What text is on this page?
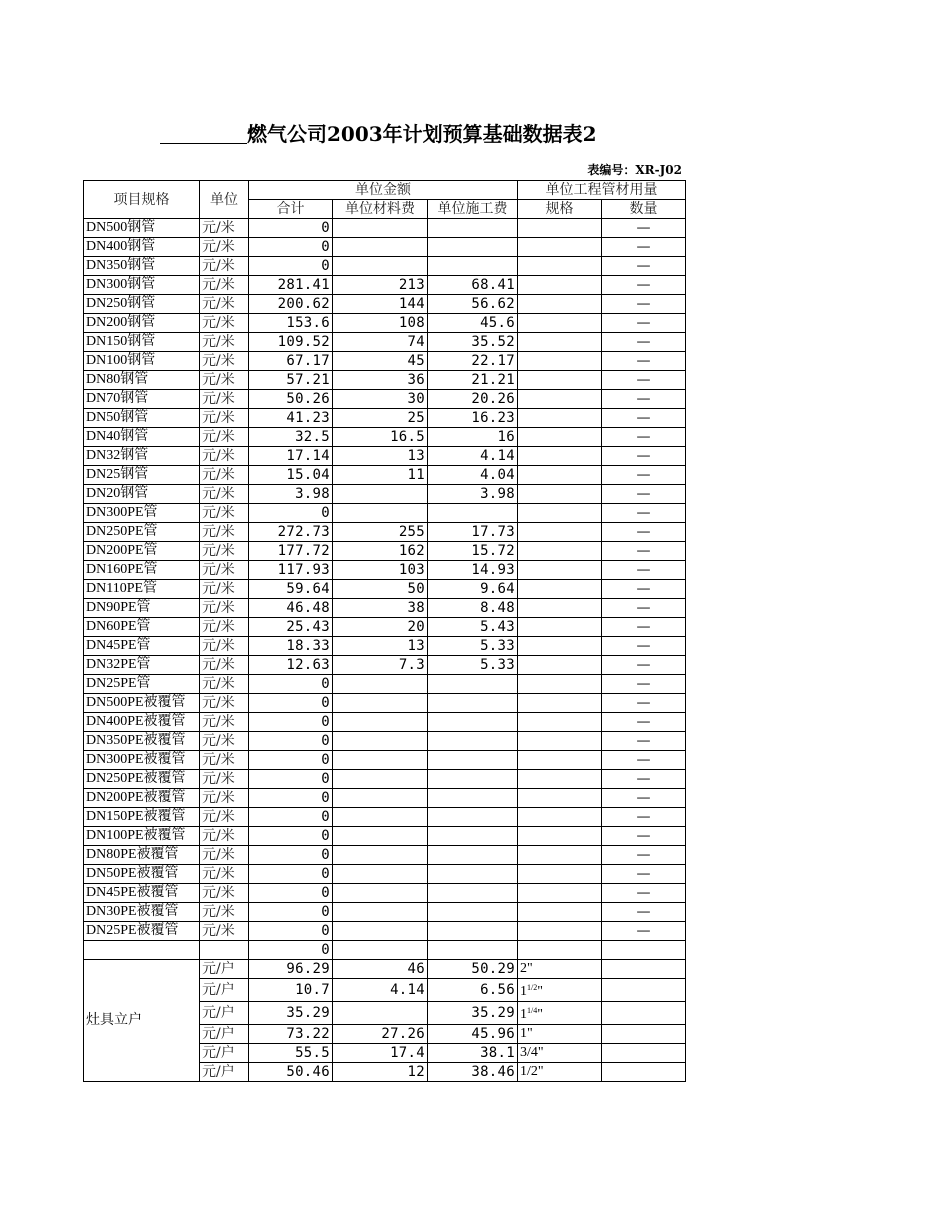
燃气公司2003年计划预算基础数据表2
表编号：XR-J02
项目规格	单位	单位金额			单位工程管材用量	
		合计	单位材料费	单位施工费	规格	数量
DN500钢管	元/米	0				—
DN400钢管	元/米	0				—
DN350钢管	元/米	0				—
DN300钢管	元/米	281.41	213	68.41		—
DN250钢管	元/米	200.62	144	56.62		—
DN200钢管	元/米	153.6	108	45.6		—
DN150钢管	元/米	109.52	74	35.52		—
DN100钢管	元/米	67.17	45	22.17		—
DN80钢管	元/米	57.21	36	21.21		—
DN70钢管	元/米	50.26	30	20.26		—
DN50钢管	元/米	41.23	25	16.23		—
DN40钢管	元/米	32.5	16.5	16		—
DN32钢管	元/米	17.14	13	4.14		—
DN25钢管	元/米	15.04	11	4.04		—
DN20钢管	元/米	3.98		3.98		—
DN300PE管	元/米	0				—
DN250PE管	元/米	272.73	255	17.73		—
DN200PE管	元/米	177.72	162	15.72		—
DN160PE管	元/米	117.93	103	14.93		—
DN110PE管	元/米	59.64	50	9.64		—
DN90PE管	元/米	46.48	38	8.48		—
DN60PE管	元/米	25.43	20	5.43		—
DN45PE管	元/米	18.33	13	5.33		—
DN32PE管	元/米	12.63	7.3	5.33		—
DN25PE管	元/米	0				—
DN500PE被覆管	元/米	0				—
DN400PE被覆管	元/米	0				—
DN350PE被覆管	元/米	0				—
DN300PE被覆管	元/米	0				—
DN250PE被覆管	元/米	0				—
DN200PE被覆管	元/米	0				—
DN150PE被覆管	元/米	0				—
DN100PE被覆管	元/米	0				—
DN80PE被覆管	元/米	0				—
DN50PE被覆管	元/米	0				—
DN45PE被覆管	元/米	0				—
DN30PE被覆管	元/米	0				—
DN25PE被覆管	元/米	0				—
		0				
灶具立户	元/户	96.29	46	50.29	2"	
	元/户	10.7	4.14	6.56	$1^{1/2}$"	
	元/户	35.29		35.29	$1^{1/4}$"	
	元/户	73.22	27.26	45.96	1"	
	元/户	55.5	17.4	38.1	3/4"	
	元/户	50.46	12	38.46	1/2"	
